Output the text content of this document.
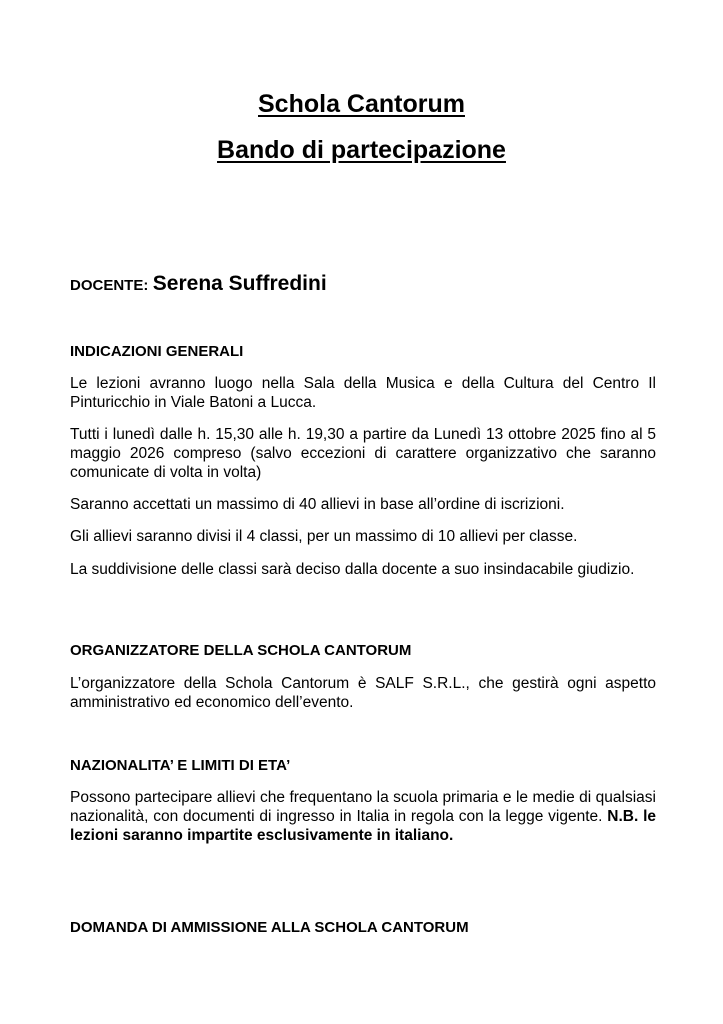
Schola Cantorum
Bando di partecipazione
DOCENTE: Serena Suffredini

INDICAZIONI GENERALI

Le lezioni avranno luogo nella Sala della Musica e della Cultura del Centro Il Pinturicchio in Viale Batoni a Lucca.

Tutti i lunedì dalle h. 15,30 alle h. 19,30 a partire da Lunedì 13 ottobre 2025 fino al 5 maggio 2026 compreso (salvo eccezioni di carattere organizzativo che saranno comunicate di volta in volta)

Saranno accettati un massimo di 40 allievi in base all’ordine di iscrizioni.

Gli allievi saranno divisi il 4 classi, per un massimo di 10 allievi per classe.

La suddivisione delle classi sarà deciso dalla docente a suo insindacabile giudizio.

ORGANIZZATORE DELLA SCHOLA CANTORUM

L’organizzatore della Schola Cantorum è SALF S.R.L., che gestirà ogni aspetto amministrativo ed economico dell’evento.

NAZIONALITA’ E LIMITI DI ETA’

Possono partecipare allievi che frequentano la scuola primaria e le medie di qualsiasi nazionalità, con documenti di ingresso in Italia in regola con la legge vigente. N.B. le lezioni saranno impartite esclusivamente in italiano.

DOMANDA DI AMMISSIONE ALLA SCHOLA CANTORUM
